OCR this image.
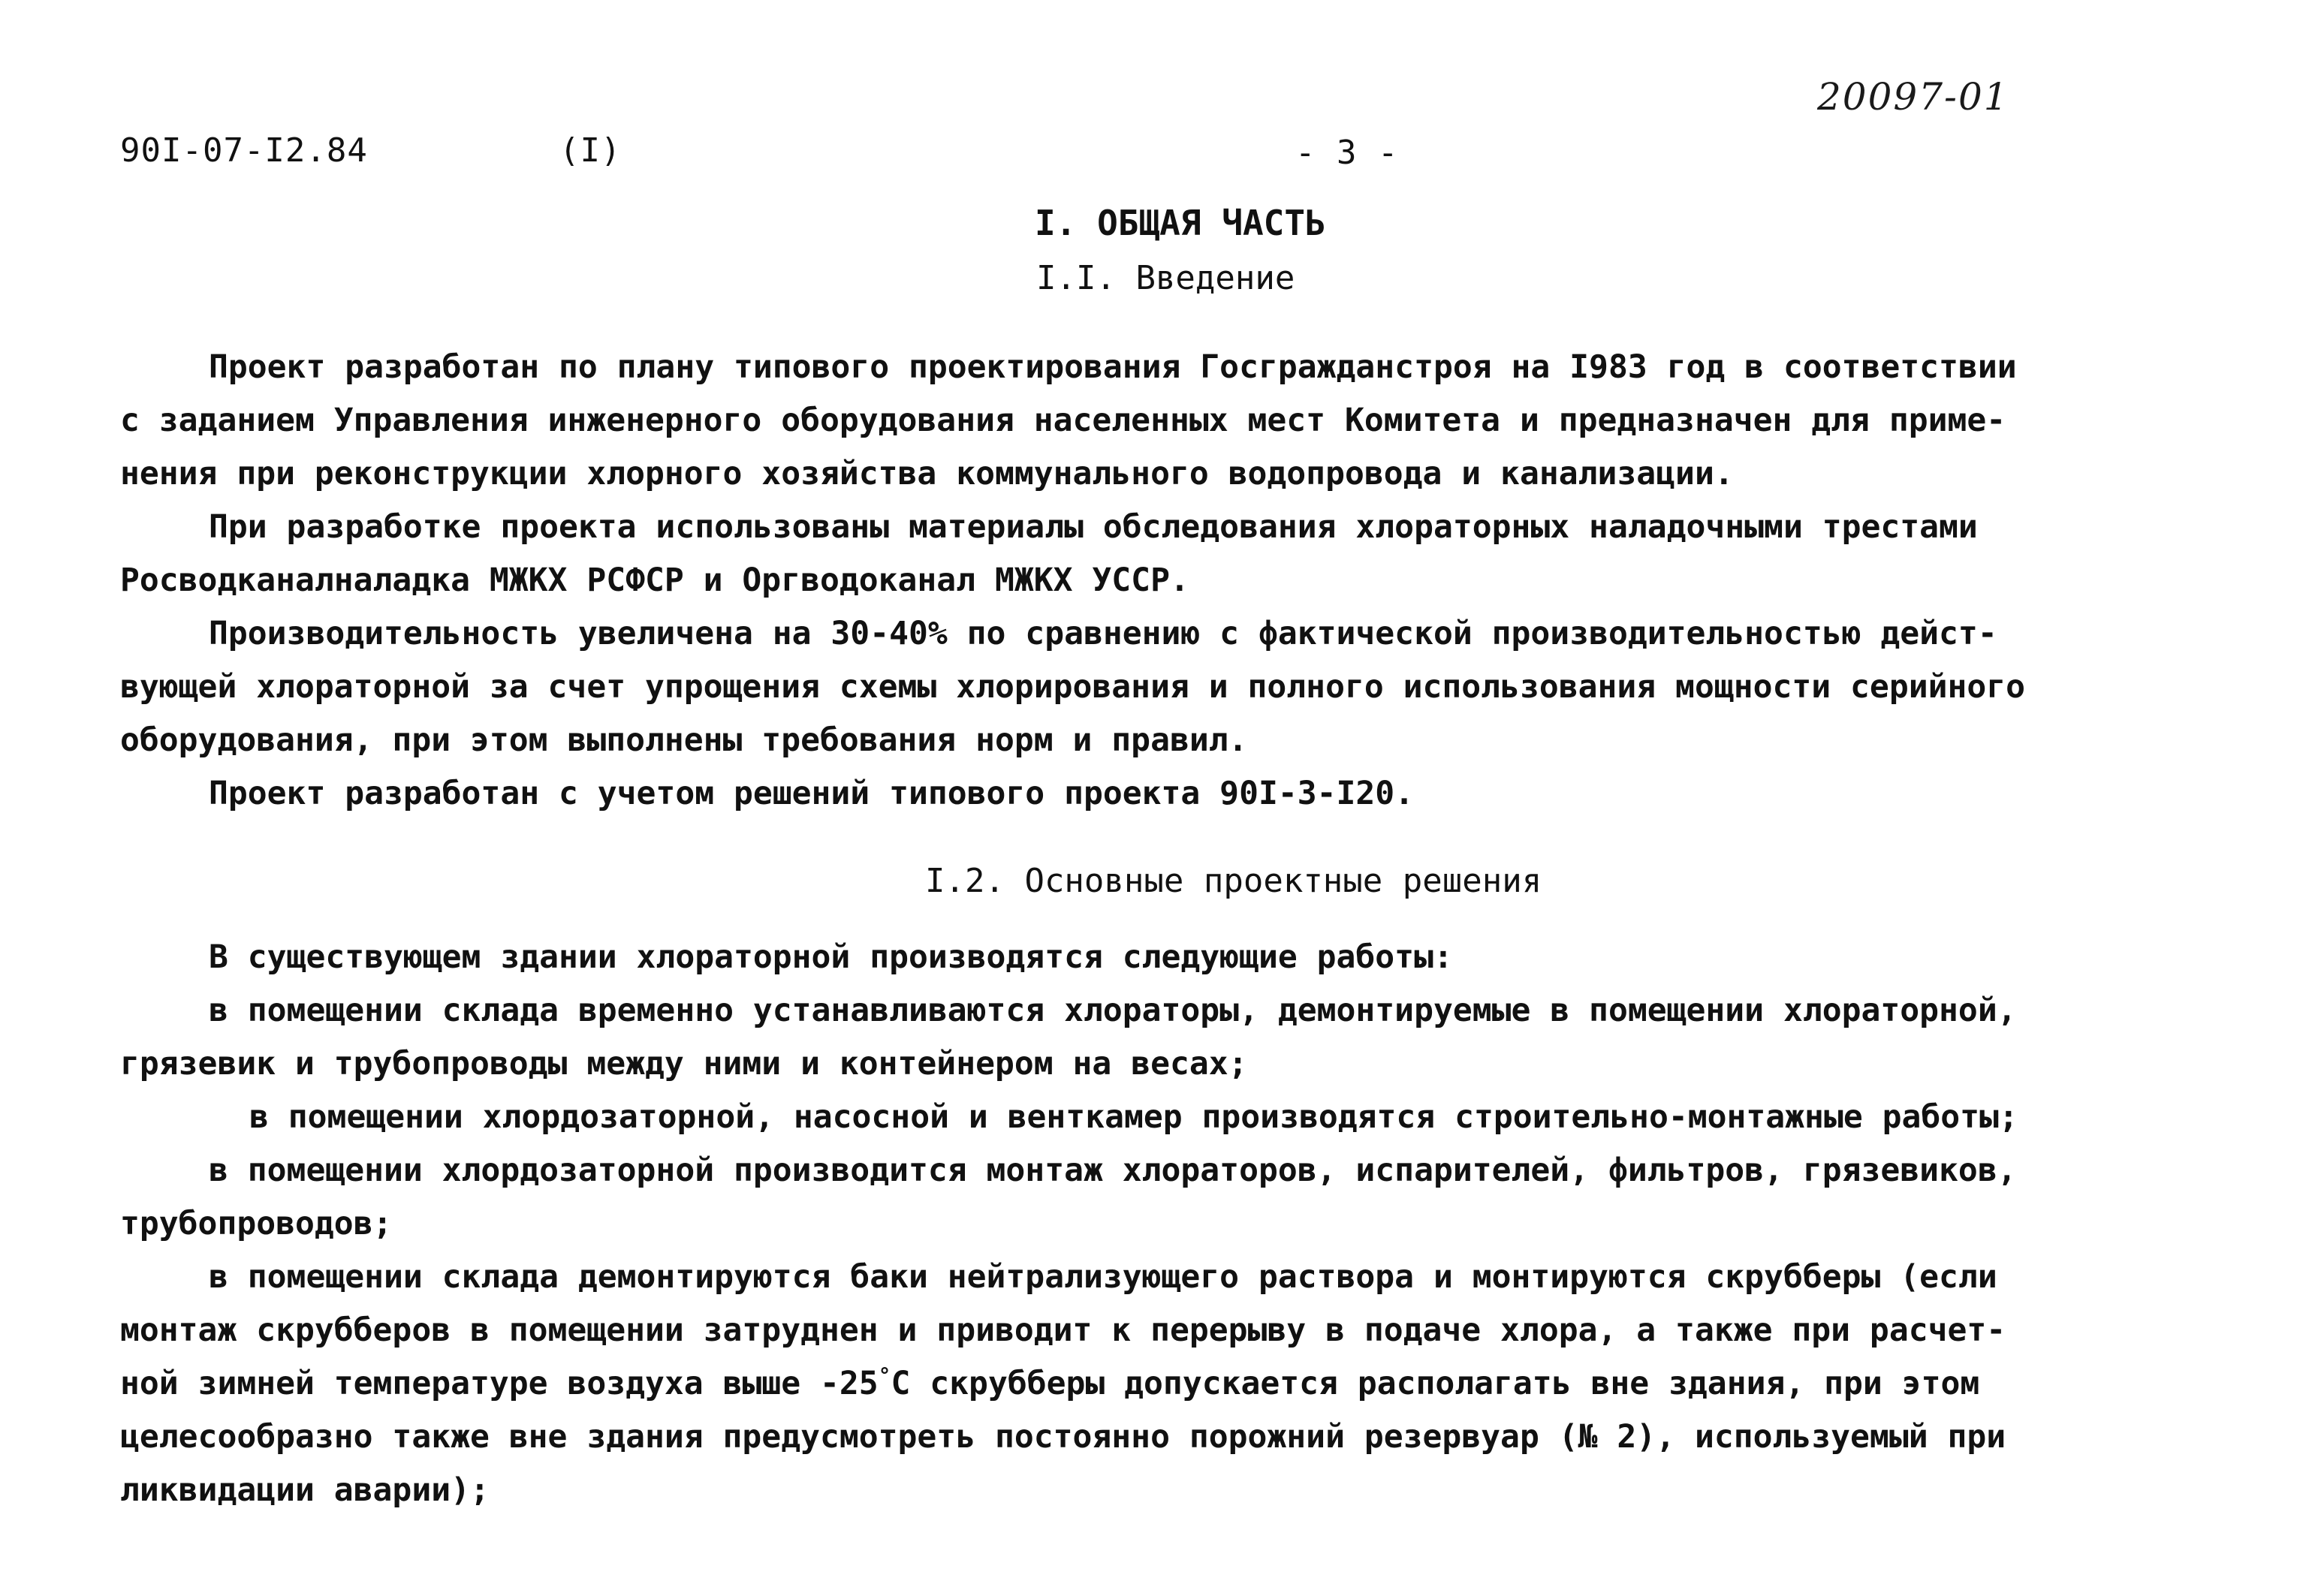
20097-01
90I-07-I2.84	(I)	- 3 -
I. ОБЩАЯ ЧАСТЬ
I.I. Введение
Проект разработан по плану типового проектирования Госгражданстроя на I983 год в соответствии
с заданием Управления инженерного оборудования населенных мест Комитета и предназначен для приме-
нения при реконструкции хлорного хозяйства коммунального водопровода и канализации.
При разработке проекта использованы материалы обследования хлораторных наладочными трестами
Росводканалналадка МЖКХ РСФСР и Оргводоканал МЖКХ УССР.
Производительность увеличена на 30-40% по сравнению с фактической производительностью дейст-
вующей хлораторной за счет упрощения схемы хлорирования и полного использования мощности серийного
оборудования, при этом выполнены требования норм и правил.
Проект разработан с учетом решений типового проекта 90I-3-I20.
I.2. Основные проектные решения
В существующем здании хлораторной производятся следующие работы:
в помещении склада временно устанавливаются хлораторы, демонтируемые в помещении хлораторной,
грязевик и трубопроводы между ними и контейнером на весах;
в помещении хлордозаторной, насосной и венткамер производятся строительно-монтажные работы;
в помещении хлордозаторной производится монтаж хлораторов, испарителей, фильтров, грязевиков,
трубопроводов;
в помещении склада демонтируются баки нейтрализующего раствора и монтируются скрубберы (если
монтаж скрубберов в помещении затруднен и приводит к перерыву в подаче хлора, а также при расчет-
ной зимней температуре воздуха выше -25°С скрубберы допускается располагать вне здания, при этом
целесообразно также вне здания предусмотреть постоянно порожний резервуар (№ 2), используемый при
ликвидации аварии);
